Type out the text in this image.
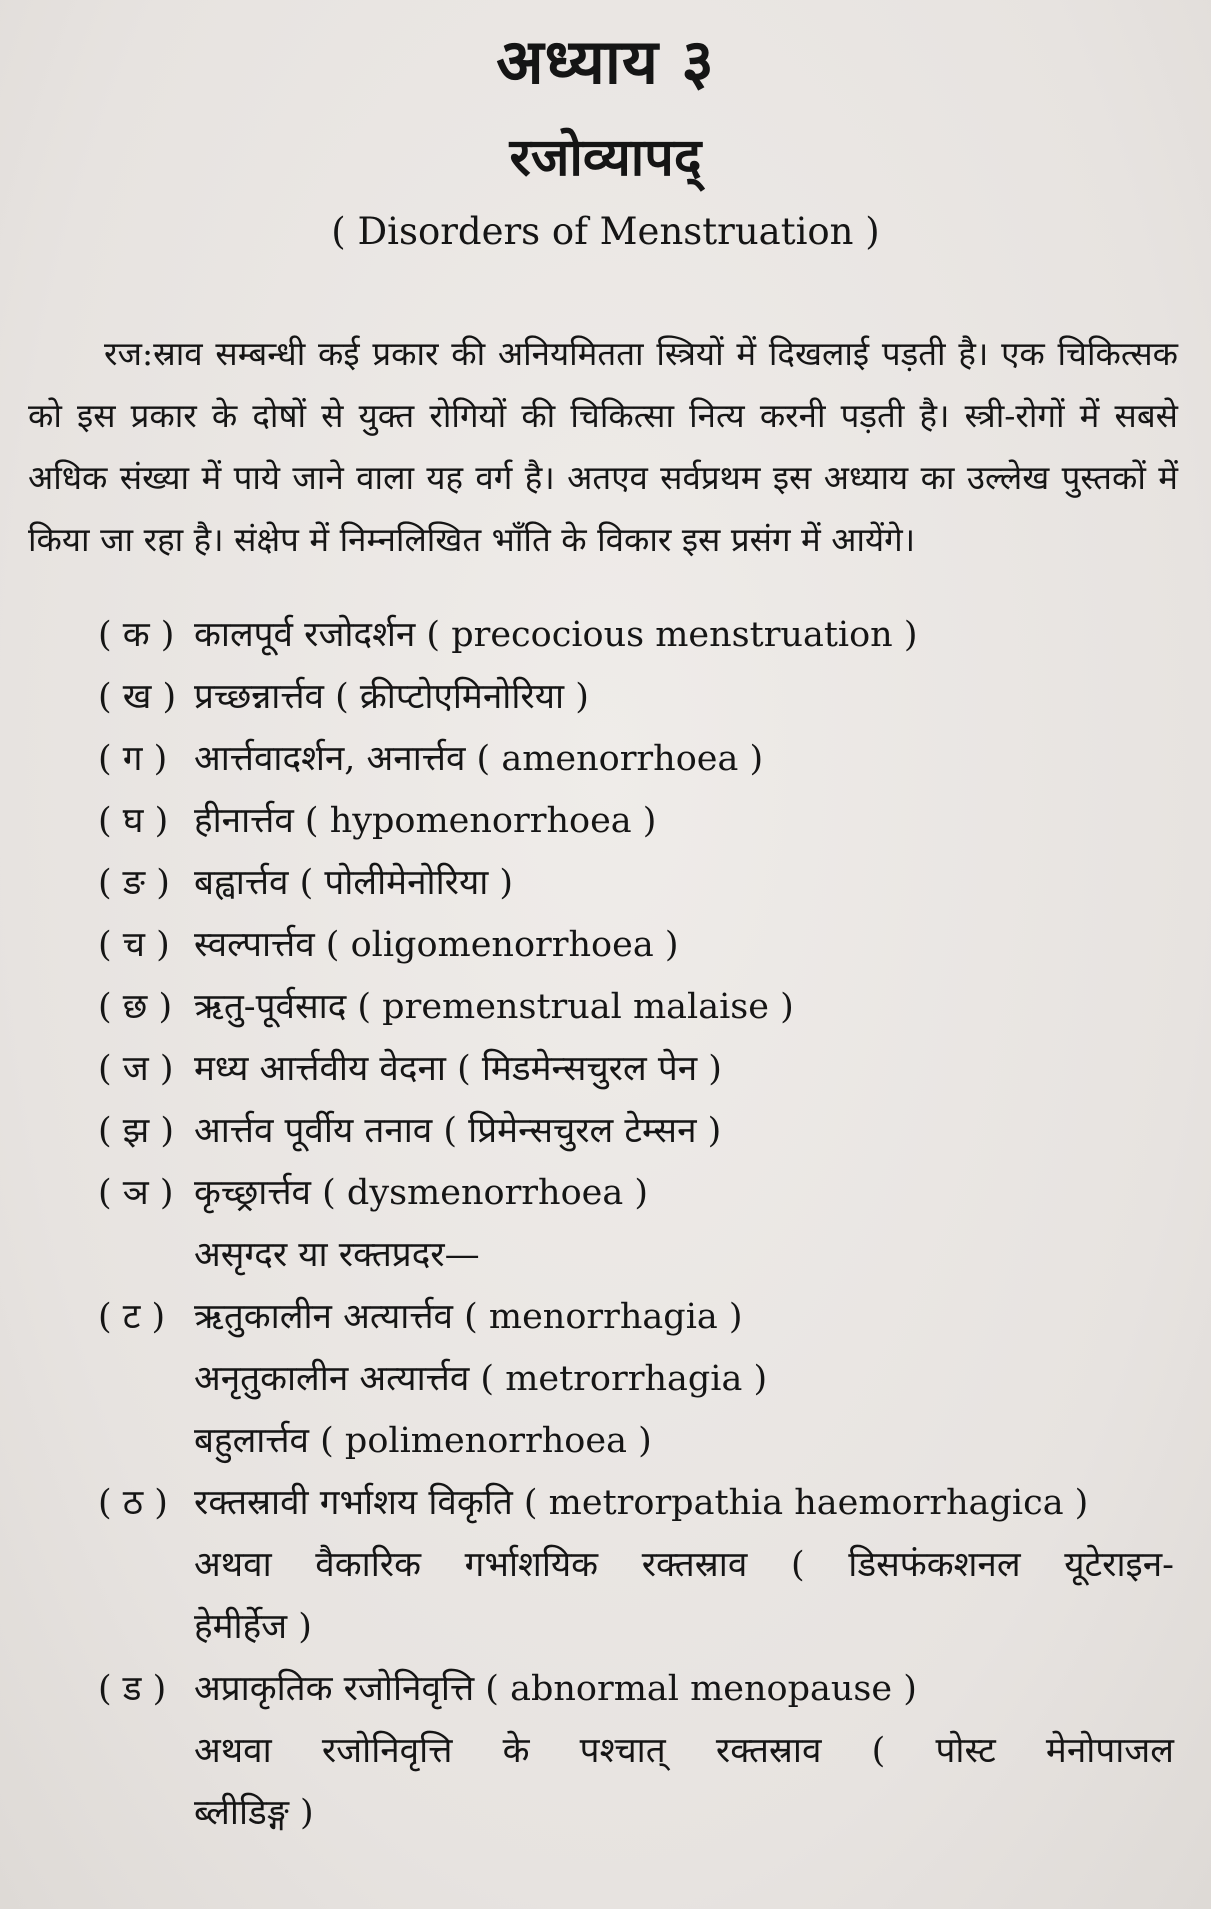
अध्याय ३
रजोव्यापद्
( Disorders of Menstruation )

रज:स्राव सम्बन्धी कई प्रकार की अनियमितता स्त्रियों में दिखलाई पड़ती है। एक चिकित्सक को इस प्रकार के दोषों से युक्त रोगियों की चिकित्सा नित्य करनी पड़ती है। स्त्री-रोगों में सबसे अधिक संख्या में पाये जाने वाला यह वर्ग है। अतएव सर्वप्रथम इस अध्याय का उल्लेख पुस्तकों में किया जा रहा है। संक्षेप में निम्नलिखित भाँति के विकार इस प्रसंग में आयेंगे।

( क ) कालपूर्व रजोदर्शन ( precocious menstruation )
( ख ) प्रच्छन्नार्त्तव ( क्रीप्टोएमिनोरिया )
( ग ) आर्त्तवादर्शन, अनार्त्तव ( amenorrhoea )
( घ ) हीनार्त्तव ( hypomenorrhoea )
( ङ ) बह्वार्त्तव ( पोलीमेनोरिया )
( च ) स्वल्पार्त्तव ( oligomenorrhoea )
( छ ) ऋतु-पूर्वसाद ( premenstrual malaise )
( ज ) मध्य आर्त्तवीय वेदना ( मिडमेन्सचुरल पेन )
( झ ) आर्त्तव पूर्वीय तनाव ( प्रिमेन्सचुरल टेम्सन )
( ञ ) कृच्छ्रार्त्तव ( dysmenorrhoea )
असृग्दर या रक्तप्रदर—
( ट ) ऋतुकालीन अत्यार्त्तव ( menorrhagia )
अनृतुकालीन अत्यार्त्तव ( metrorrhagia )
बहुलार्त्तव ( polimenorrhoea )
( ठ ) रक्तस्रावी गर्भाशय विकृति ( metrorpathia haemorrhagica )
अथवा वैकारिक गर्भाशयिक रक्तस्राव ( डिसफंकशनल यूटेराइन-
हेमीर्हेज )
( ड ) अप्राकृतिक रजोनिवृत्ति ( abnormal menopause )
अथवा रजोनिवृत्ति के पश्चात् रक्तस्राव ( पोस्ट मेनोपाजल
ब्लीडिङ्ग )
